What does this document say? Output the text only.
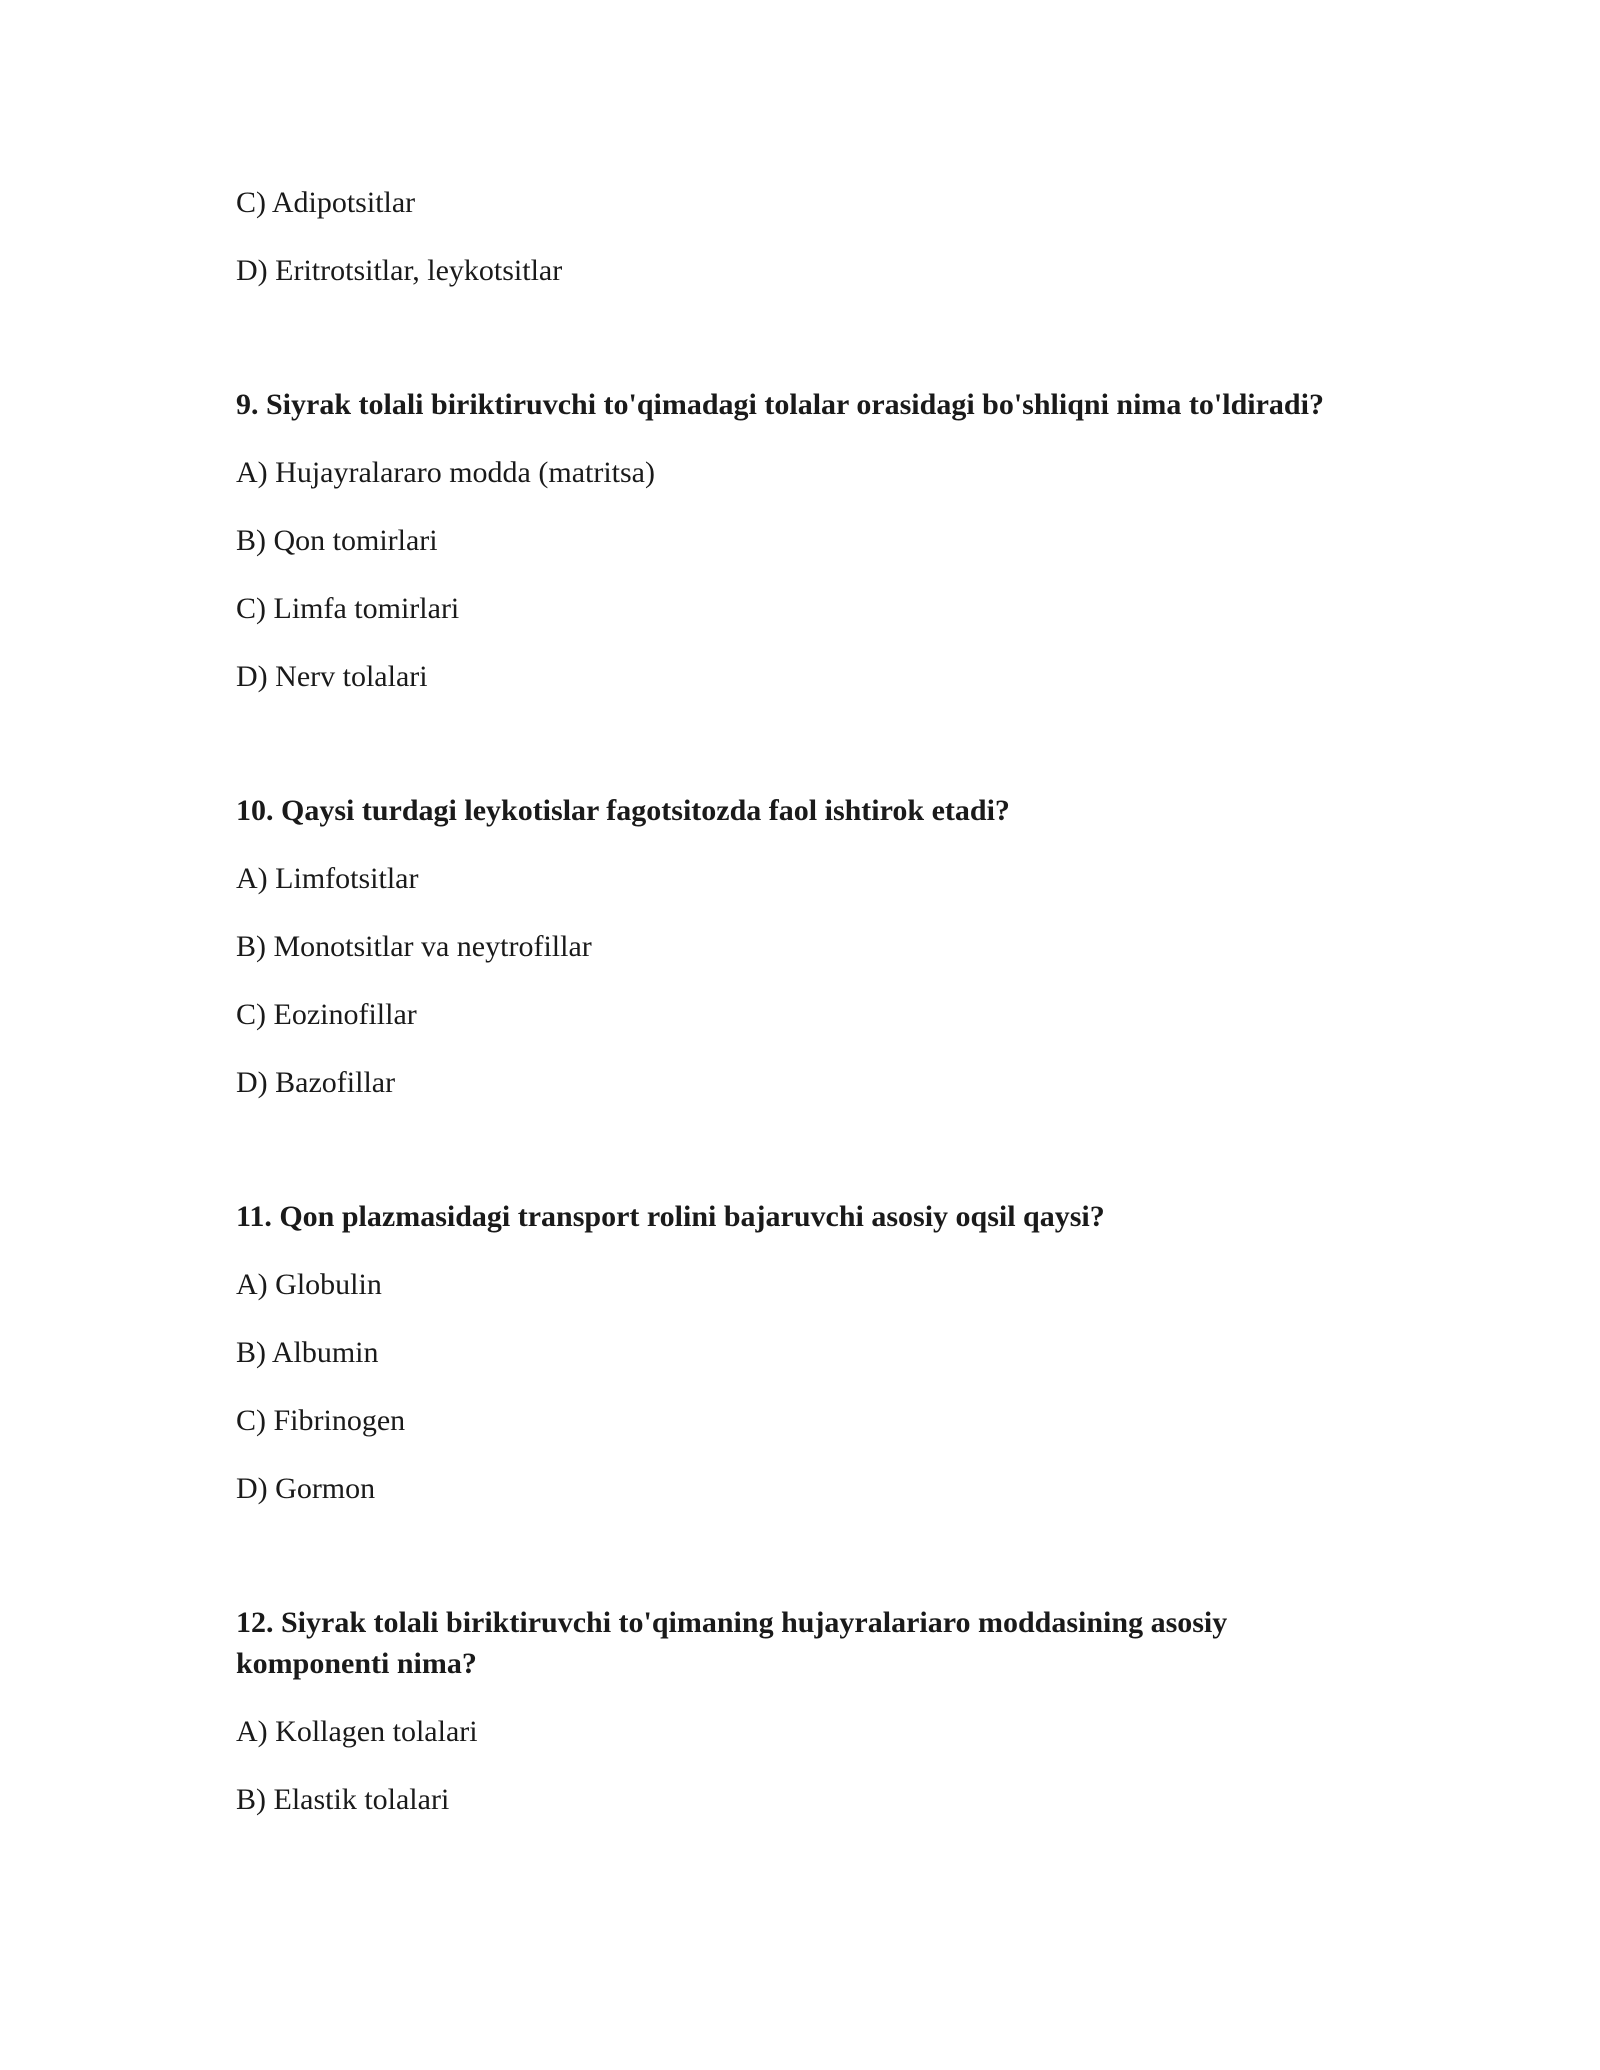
C) Adipotsitlar

D) Eritrotsitlar, leykotsitlar

9. Siyrak tolali biriktiruvchi to'qimadagi tolalar orasidagi bo'shliqni nima to'ldiradi?

A) Hujayralararo modda (matritsa)

B) Qon tomirlari

C) Limfa tomirlari

D) Nerv tolalari

10. Qaysi turdagi leykotislar fagotsitozda faol ishtirok etadi?

A) Limfotsitlar

B) Monotsitlar va neytrofillar

C) Eozinofillar

D) Bazofillar

11. Qon plazmasidagi transport rolini bajaruvchi asosiy oqsil qaysi?

A) Globulin

B) Albumin

C) Fibrinogen

D) Gormon

12. Siyrak tolali biriktiruvchi to'qimaning hujayralariaro moddasining asosiy komponenti nima?

A) Kollagen tolalari

B) Elastik tolalari
